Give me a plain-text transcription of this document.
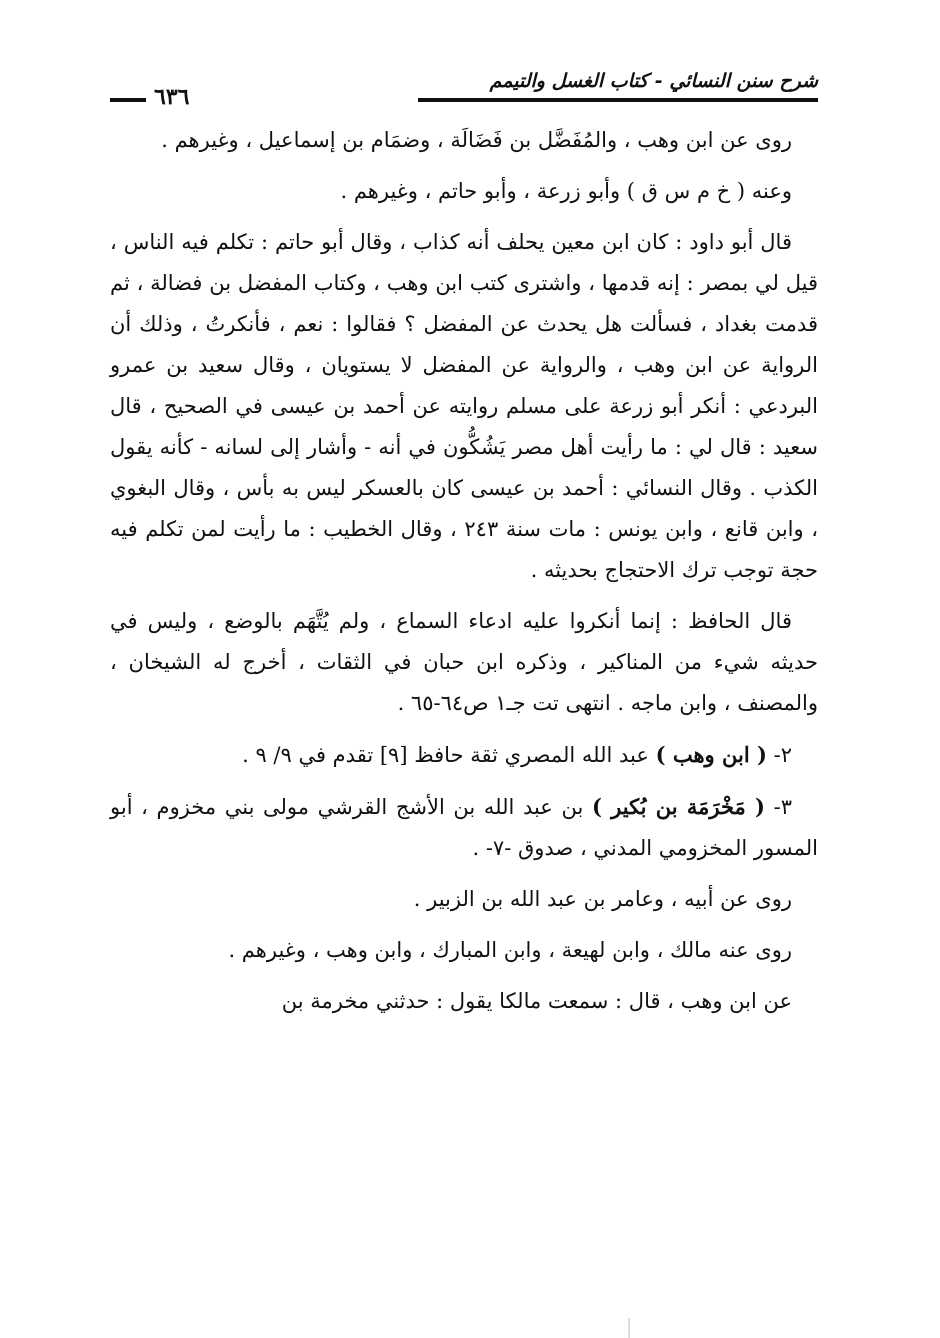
شرح سنن النسائي - كتاب الغسل والتيمم
٦٣٦

روى عن ابن وهب ، والمُفَضَّل بن فَضَالَة ، وضمَام بن إسماعيل ، وغيرهم .

وعنه ( خ م س ق ) وأبو زرعة ، وأبو حاتم ، وغيرهم .

قال أبو داود : كان ابن معين يحلف أنه كذاب ، وقال أبو حاتم : تكلم فيه الناس ، قيل لي بمصر : إنه قدمها ، واشترى كتب ابن وهب ، وكتاب المفضل بن فضالة ، ثم قدمت بغداد ، فسألت هل يحدث عن المفضل ؟ فقالوا : نعم ، فأنكرتُ ، وذلك أن الرواية عن ابن وهب ، والرواية عن المفضل لا يستويان ، وقال سعيد بن عمرو البردعي : أنكر أبو زرعة على مسلم روايته عن أحمد بن عيسى في الصحيح ، قال سعيد : قال لي : ما رأيت أهل مصر يَشُكُّون في أنه - وأشار إلى لسانه - كأنه يقول الكذب . وقال النسائي : أحمد بن عيسى كان بالعسكر ليس به بأس ، وقال البغوي ، وابن قانع ، وابن يونس : مات سنة ٢٤٣ ، وقال الخطيب : ما رأيت لمن تكلم فيه حجة توجب ترك الاحتجاج بحديثه .

قال الحافظ : إنما أنكروا عليه ادعاء السماع ، ولم يُتَّهَم بالوضع ، وليس في حديثه شيء من المناكير ، وذكره ابن حبان في الثقات ، أخرج له الشيخان ، والمصنف ، وابن ماجه . انتهى تت جـ١ ص٦٤-٦٥ .

٢- ( ابن وهب ) عبد الله المصري ثقة حافظ [٩] تقدم في ٩/ ٩ .

٣- ( مَخْرَمَة بن بُكير ) بن عبد الله بن الأشج القرشي مولى بني مخزوم ، أبو المسور المخزومي المدني ، صدوق -٧- .

روى عن أبيه ، وعامر بن عبد الله بن الزبير .

روى عنه مالك ، وابن لهيعة ، وابن المبارك ، وابن وهب ، وغيرهم .

عن ابن وهب ، قال : سمعت مالكا يقول : حدثني مخرمة بن
